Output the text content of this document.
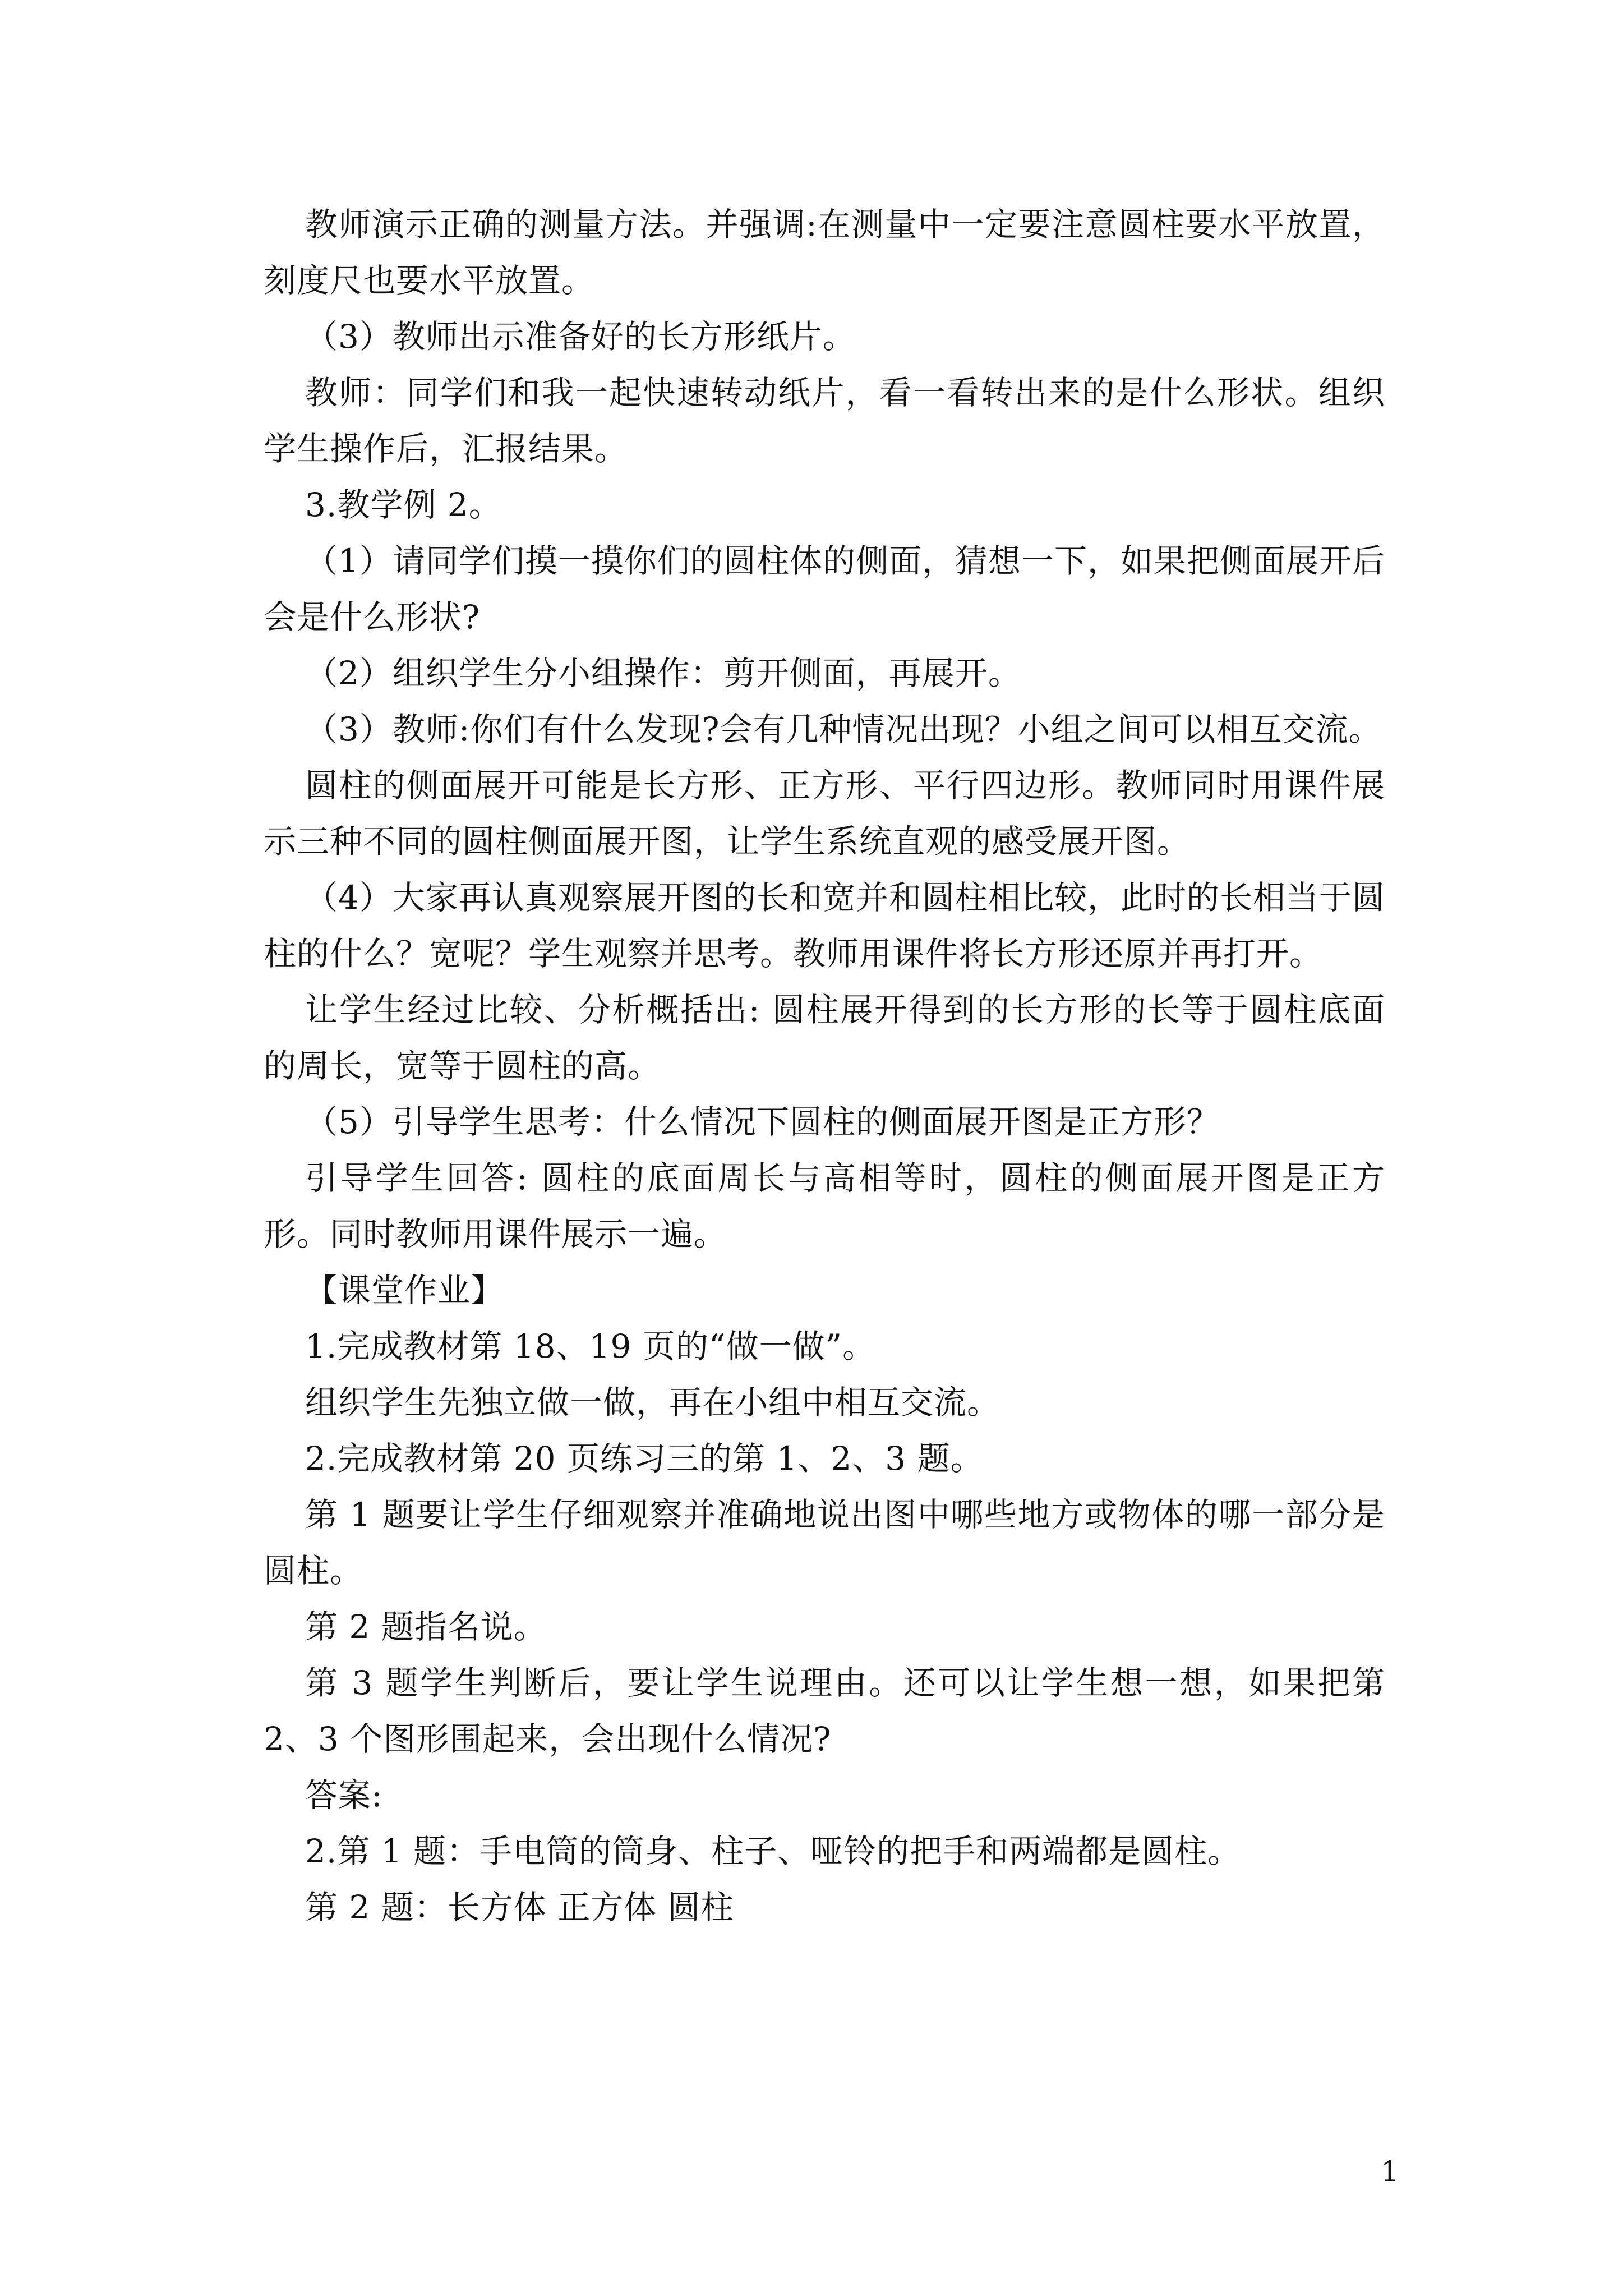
教师演示正确的测量方法。并强调:在测量中一定要注意圆柱要水平放置，刻度尺也要水平放置。

（3）教师出示准备好的长方形纸片。

教师：同学们和我一起快速转动纸片，看一看转出来的是什么形状。组织学生操作后，汇报结果。

3.教学例 2。

（1）请同学们摸一摸你们的圆柱体的侧面，猜想一下，如果把侧面展开后会是什么形状?

（2）组织学生分小组操作：剪开侧面，再展开。

（3）教师:你们有什么发现?会有几种情况出现？小组之间可以相互交流。

圆柱的侧面展开可能是长方形、正方形、平行四边形。教师同时用课件展示三种不同的圆柱侧面展开图，让学生系统直观的感受展开图。

（4）大家再认真观察展开图的长和宽并和圆柱相比较，此时的长相当于圆柱的什么？宽呢？学生观察并思考。教师用课件将长方形还原并再打开。

让学生经过比较、分析概括出: 圆柱展开得到的长方形的长等于圆柱底面的周长，宽等于圆柱的高。

（5）引导学生思考：什么情况下圆柱的侧面展开图是正方形？

引导学生回答: 圆柱的底面周长与高相等时，圆柱的侧面展开图是正方形。同时教师用课件展示一遍。

【课堂作业】

1.完成教材第 18、19 页的“做一做”。

组织学生先独立做一做，再在小组中相互交流。

2.完成教材第 20 页练习三的第 1、2、3 题。

第 1 题要让学生仔细观察并准确地说出图中哪些地方或物体的哪一部分是圆柱。

第 2 题指名说。

第 3 题学生判断后，要让学生说理由。还可以让学生想一想，如果把第 2、3 个图形围起来，会出现什么情况?

答案:

2.第 1 题：手电筒的筒身、柱子、哑铃的把手和两端都是圆柱。

第 2 题：长方体 正方体 圆柱

1
